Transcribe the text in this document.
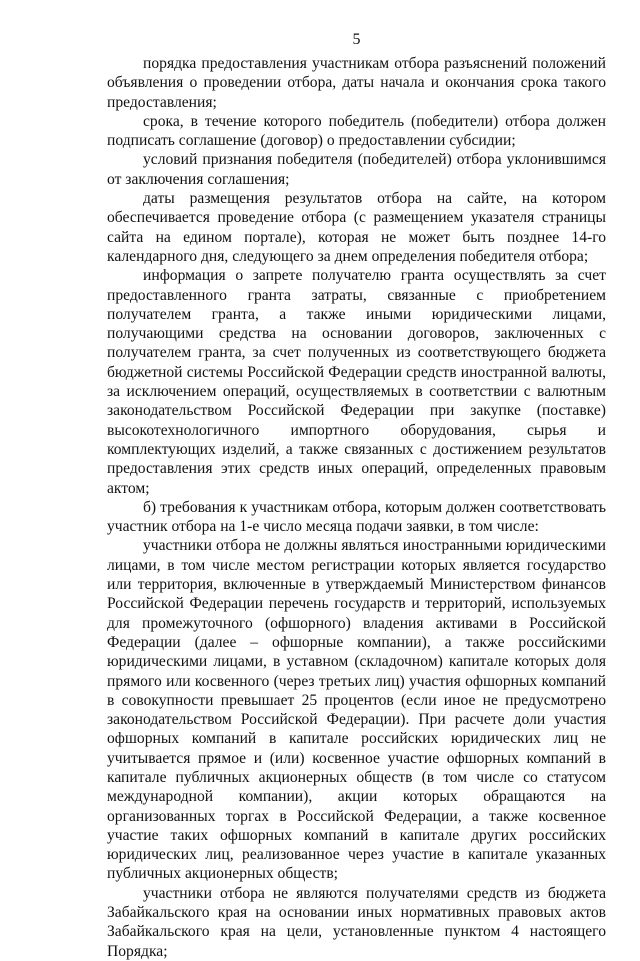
5

порядка предоставления участникам отбора разъяснений положений объявления о проведении отбора, даты начала и окончания срока такого предоставления;

срока, в течение которого победитель (победители) отбора должен подписать соглашение (договор) о предоставлении субсидии;

условий признания победителя (победителей) отбора уклонившимся от заключения соглашения;

даты размещения результатов отбора на сайте, на котором обеспечивается проведение отбора (с размещением указателя страницы сайта на едином портале), которая не может быть позднее 14-го календарного дня, следующего за днем определения победителя отбора;

информация о запрете получателю гранта осуществлять за счет предоставленного гранта затраты, связанные с приобретением получателем гранта, а также иными юридическими лицами, получающими средства на основании договоров, заключенных с получателем гранта, за счет полученных из соответствующего бюджета бюджетной системы Российской Федерации средств иностранной валюты, за исключением операций, осуществляемых в соответствии с валютным законодательством Российской Федерации при закупке (поставке) высокотехнологичного импортного оборудования, сырья и комплектующих изделий, а также связанных с достижением результатов предоставления этих средств иных операций, определенных правовым актом;

б) требования к участникам отбора, которым должен соответствовать участник отбора на 1-е число месяца подачи заявки, в том числе:

участники отбора не должны являться иностранными юридическими лицами, в том числе местом регистрации которых является государство или территория, включенные в утверждаемый Министерством финансов Российской Федерации перечень государств и территорий, используемых для промежуточного (офшорного) владения активами в Российской Федерации (далее – офшорные компании), а также российскими юридическими лицами, в уставном (складочном) капитале которых доля прямого или косвенного (через третьих лиц) участия офшорных компаний в совокупности превышает 25 процентов (если иное не предусмотрено законодательством Российской Федерации). При расчете доли участия офшорных компаний в капитале российских юридических лиц не учитывается прямое и (или) косвенное участие офшорных компаний в капитале публичных акционерных обществ (в том числе со статусом международной компании), акции которых обращаются на организованных торгах в Российской Федерации, а также косвенное участие таких офшорных компаний в капитале других российских юридических лиц, реализованное через участие в капитале указанных публичных акционерных обществ;

участники отбора не являются получателями средств из бюджета Забайкальского края на основании иных нормативных правовых актов Забайкальского края на цели, установленные пунктом 4 настоящего Порядка;
